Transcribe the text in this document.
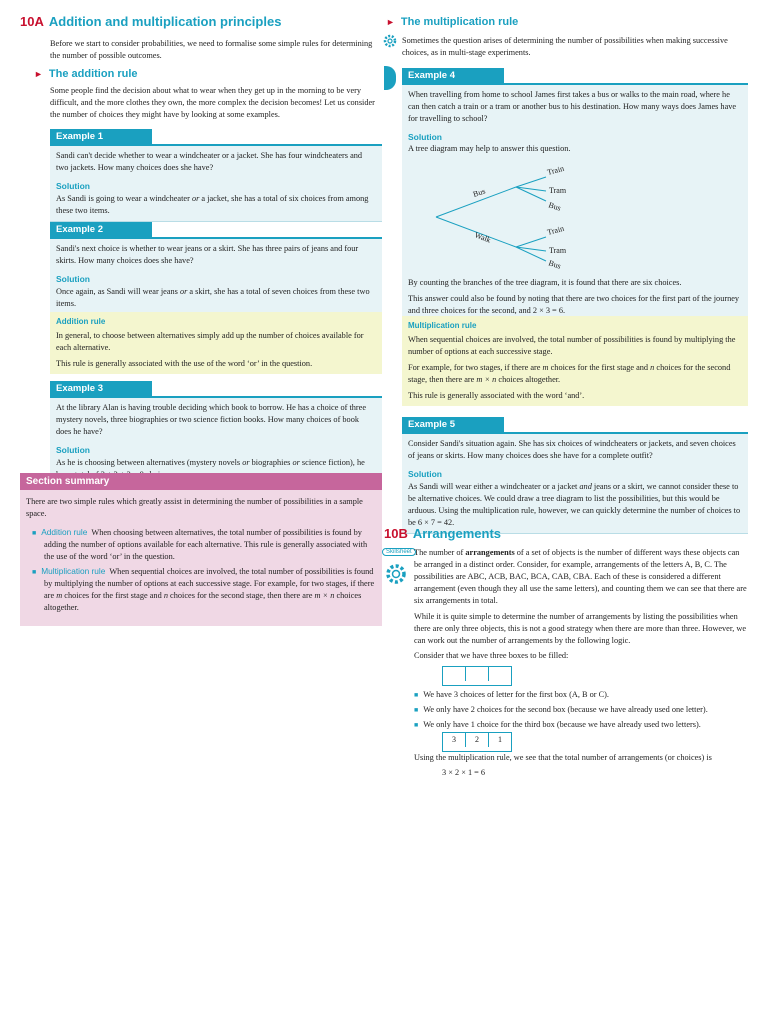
10A Addition and multiplication principles
Before we start to consider probabilities, we need to formalise some simple rules for determining the number of possible outcomes.
► The addition rule
Some people find the decision about what to wear when they get up in the morning to be very difficult, and the more clothes they own, the more complex the decision becomes! Let us consider the number of choices they might have by looking at some examples.
Example 1
Sandi can't decide whether to wear a windcheater or a jacket. She has four windcheaters and two jackets. How many choices does she have?
Solution
As Sandi is going to wear a windcheater or a jacket, she has a total of six choices from among these two items.
Example 2
Sandi's next choice is whether to wear jeans or a skirt. She has three pairs of jeans and four skirts. How many choices does she have?
Solution
Once again, as Sandi will wear jeans or a skirt, she has a total of seven choices from these two items.
Addition rule
In general, to choose between alternatives simply add up the number of choices available for each alternative.
This rule is generally associated with the use of the word ‘or’ in the question.
Example 3
At the library Alan is having trouble deciding which book to borrow. He has a choice of three mystery novels, three biographies or two science fiction books. How many choices of book does he have?
Solution
As he is choosing between alternatives (mystery novels or biographies or science fiction), he
Section summary
There are two simple rules which greatly assist in determining the number of possibilities in a sample space.
■ Addition rule When choosing between alternatives, the total number of possibilities is found by adding the number of options available for each alternative. This rule is generally associated with the use of the word ‘or’ in the question.
■ Multiplication rule When sequential choices are involved, the total number of possibilities is found by multiplying the number of options at each successive stage. For example, for two stages, if there are m choices for the first stage and n choices for the second stage, then there are m × n choices altogether.
► The multiplication rule
Sometimes the question arises of determining the number of possibilities when making successive choices, as in multi-stage experiments.
Example 4
When travelling from home to school James first takes a bus or walks to the main road, where he can then catch a train or a tram or another bus to his destination. How many ways does James have for travelling to school?
Solution
A tree diagram may help to answer this question.
Bus
Walk
Train
Tram
Bus
Train
Tram
Bus
By counting the branches of the tree diagram, it is found that there are six choices.
This answer could also be found by noting that there are two choices for the first part of the journey and three choices for the second, and 2 × 3 = 6.
Multiplication rule
When sequential choices are involved, the total number of possibilities is found by multiplying the number of options at each successive stage.
For example, for two stages, if there are m choices for the first stage and n choices for the second stage, then there are m × n choices altogether.
This rule is generally associated with the word ‘and’.
Example 5
Consider Sandi's situation again. She has six choices of windcheaters or jackets, and seven choices of jeans or skirts. How many choices does she have for a complete outfit?
Solution
As Sandi will wear either a windcheater or a jacket and jeans or a skirt, we cannot consider these to be alternative choices. We could draw a tree diagram to list the possibilities, but this would be arduous. Using the multiplication rule, however, we can quickly determine the number of choices to be 6 × 7 = 42.
10B Arrangements
Skillsheet The number of arrangements of a set of objects is the number of different ways these objects can be arranged in a distinct order. Consider, for example, arrangements of the letters A, B, C. The possibilities are ABC, ACB, BAC, BCA, CAB, CBA. Each of these is considered a different arrangement (even though they all use the same letters), and counting them we can see that there are six arrangements in total.
While it is quite simple to determine the number of arrangements by listing the possibilities when there are only three objects, this is not a good strategy when there are more than three. However, we can work out the number of arrangements by the following logic.
Consider that we have three boxes to be filled:
■ We have 3 choices of letter for the first box (A, B or C).
■ We only have 2 choices for the second box (because we have already used one letter).
■ We only have 1 choice for the third box (because we have already used two letters).
3 2 1
Using the multiplication rule, we see that the total number of arrangements (or choices) is
3 × 2 × 1 = 6
